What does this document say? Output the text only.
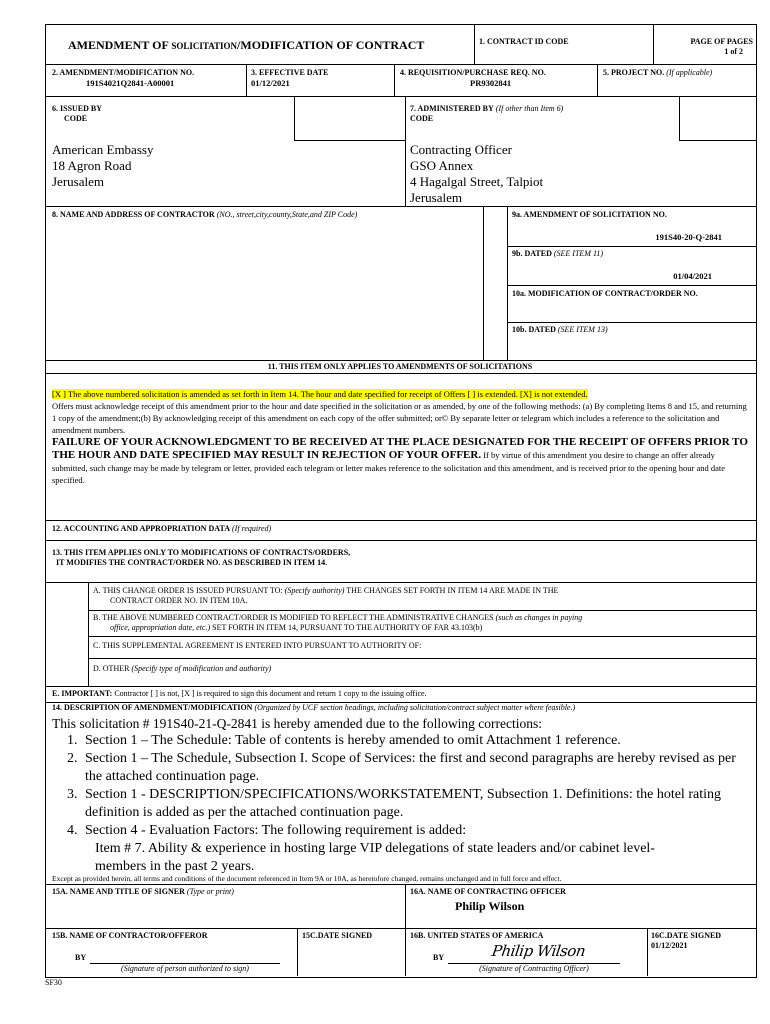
AMENDMENT OF SOLICITATION/MODIFICATION OF CONTRACT	1. CONTRACT ID CODE	PAGE OF PAGES
1 of 2
2. AMENDMENT/MODIFICATION NO.
191S4021Q2841-A00001
3. EFFECTIVE DATE
01/12/2021
4. REQUISITION/PURCHASE REQ. NO.
PR9302841
5. PROJECT NO. (If applicable)
6. ISSUED BY
CODE
American Embassy
18 Agron Road
Jerusalem
7. ADMINISTERED BY (If other than Item 6)
CODE
Contracting Officer
GSO Annex
4 Hagalgal Street, Talpiot
Jerusalem
8. NAME AND ADDRESS OF CONTRACTOR (NO., street,city,county,State,and ZIP Code)	9a. AMENDMENT OF SOLICITATION NO.
191S40-20-Q-2841
9b. DATED (SEE ITEM 11)
01/04/2021
10a. MODIFICATION OF CONTRACT/ORDER NO.
10b. DATED (SEE ITEM 13)
11. THIS ITEM ONLY APPLIES TO AMENDMENTS OF SOLICITATIONS
[X ] The above numbered solicitation is amended as set forth in Item 14. The hour and date specified for receipt of Offers [ ] is extended. [X] is not extended.
Offers must acknowledge receipt of this amendment prior to the hour and date specified in the solicitation or as amended, by one of the following methods: (a) By completing Items 8 and 15, and returning 1 copy of the amendment;(b) By acknowledging receipt of this amendment on each copy of the offer submitted; or© By separate letter or telegram which includes a reference to the solicitation and amendment numbers.
FAILURE OF YOUR ACKNOWLEDGMENT TO BE RECEIVED AT THE PLACE DESIGNATED FOR THE RECEIPT OF OFFERS PRIOR TO THE HOUR AND DATE SPECIFIED MAY RESULT IN REJECTION OF YOUR OFFER. If by virtue of this amendment you desire to change an offer already submitted, such change may be made by telegram or letter, provided each telegram or letter makes reference to the solicitation and this amendment, and is received prior to the opening hour and date specified.
12. ACCOUNTING AND APPROPRIATION DATA (If required)
13. THIS ITEM APPLIES ONLY TO MODIFICATIONS OF CONTRACTS/ORDERS,
IT MODIFIES THE CONTRACT/ORDER NO. AS DESCRIBED IN ITEM 14.
A. THIS CHANGE ORDER IS ISSUED PURSUANT TO: (Specify authority) THE CHANGES SET FORTH IN ITEM 14 ARE MADE IN THE
CONTRACT ORDER NO. IN ITEM 10A.
B. THE ABOVE NUMBERED CONTRACT/ORDER IS MODIFIED TO REFLECT THE ADMINISTRATIVE CHANGES (such as changes in paying
office, appropriation date, etc.) SET FORTH IN ITEM 14, PURSUANT TO THE AUTHORITY OF FAR 43.103(b)
C. THIS SUPPLEMENTAL AGREEMENT IS ENTERED INTO PURSUANT TO AUTHORITY OF:
D. OTHER (Specify type of modification and authority)
E. IMPORTANT: Contractor [ ] is not, [X ] is required to sign this document and return 1 copy to the issuing office.
14. DESCRIPTION OF AMENDMENT/MODIFICATION (Organized by UCF section headings, including solicitation/contract subject matter where feasible.)
This solicitation # 191S40-21-Q-2841 is hereby amended due to the following corrections:
1. Section 1 – The Schedule: Table of contents is hereby amended to omit Attachment 1 reference.
2. Section 1 – The Schedule, Subsection I. Scope of Services: the first and second paragraphs are hereby revised as per the attached continuation page.
3. Section 1 - DESCRIPTION/SPECIFICATIONS/WORKSTATEMENT, Subsection 1. Definitions: the hotel rating definition is added as per the attached continuation page.
4. Section 4 - Evaluation Factors: The following requirement is added:
Item # 7. Ability & experience in hosting large VIP delegations of state leaders and/or cabinet level-members in the past 2 years.
Except as provided herein, all terms and conditions of the document referenced in Item 9A or 10A, as heretofore changed, remains unchanged and in full force and effect.
15A. NAME AND TITLE OF SIGNER (Type or print)	16A. NAME OF CONTRACTING OFFICER
Philip Wilson
15B. NAME OF CONTRACTOR/OFFEROR	15C.DATE SIGNED	16B. UNITED STATES OF AMERICA	16C.DATE SIGNED
01/12/2021
BY
(Signature of person authorized to sign)
BY	Philip Wilson
(Signature of Contracting Officer)
SF30
